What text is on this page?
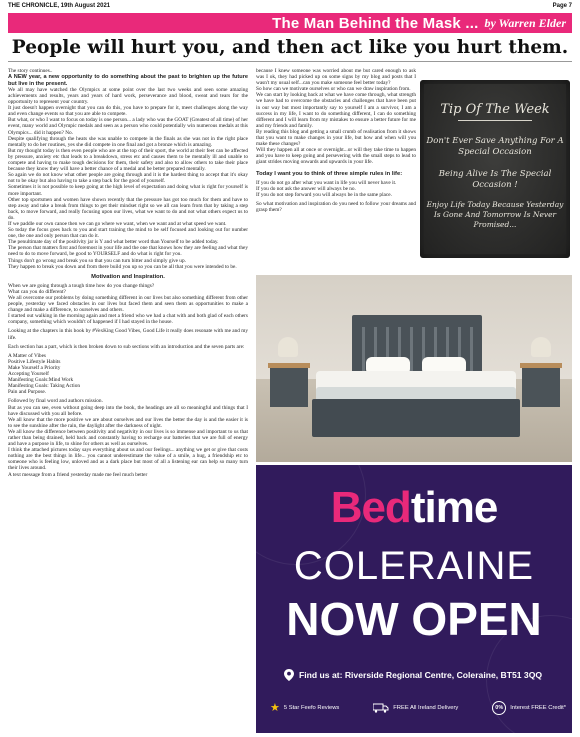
THE CHRONICLE, 19th August 2021	Page 7
The Man Behind the Mask ... by Warren Elder
People will hurt you, and then act like you hurt them.

The story continues..

A NEW year, a new opportunity to do something about the past to brighten up the future but live in the present.

We all may have watched the Olympics at some point over the last two weeks and seen some amazing achievements and results, years and years of hard work, perseverance and blood, sweat and tears for the opportunity to represent your country.

It just doesn't happen overnight that you can do this, you have to prepare for it, meet challenges along the way and even change events so that you are able to compete.

But what, or who I want to focus on today is one person... a lady who was the GOAT (Greatest of all time) of her event, many world and Olympic medals and seen as a person who could potentially win numerous medals at this Olympics... did it happen? No.

Despite qualifying through the heats she was unable to compete in the finals as she was not in the right place mentally to do her routines, yes she did compete in one final and got a bronze which is amazing.

But my thought today is then even people who are at the top of their sport, the world at their feet can be affected by pressure, anxiety etc that leads to a breakdown, stress etc and causes them to be mentally ill and unable to compete and having to make tough decisions for them, their safety and also to allow others to take their place because they know they will have a better chance of a medal and be better prepared mentally.

So again we do not know what other people are going through and it is the hardest thing to accept that it's okay not to be okay but also having to take a step back for the good of yourself.

Sometimes it is not possible to keep going at the high level of expectation and doing what is right for yourself is more important.

Other top sportsmen and women have shown recently that the pressure has got too much for them and have to step away and take a break from things to get their mindset right so we all can learn from that by taking a step back, to move forward, and really focusing upon our lives, what we want to do and not what others expect us to do.

If we paddle our own canoe then we can go where we want, when we want and at what speed we want.

So today the focus goes back to you and start training the mind to be self focused and looking out for number one, the one and only person that can do it.

The penultimate day of the positivity jar is Y and what better word than Yourself to be added today.

The person that matters first and foremost in your life and the one that knows how they are feeling and what they need to do to move forward, be good to YOURSELF and do what is right for you.

Things don't go wrong and break you so that you can turn bitter and simply give up.

They happen to break you down and from there build you up so you can be all that you were intended to be.

Motivation and Inspiration.

When we are going through a tough time how do you change things?

What can you do different?

We all overcome our problems by doing something different in our lives but also something different from other people, yesterday we faced obstacles in our lives but faced them and seen them as opportunities to make a change and make a difference, to ourselves and others.

I started out walking in the morning again and met a friend who we had a chat with and both glad of each others company, something which wouldn't of happened if I had stayed in the house.

Looking at the chapters in this book by #VexKing Good Vibes, Good Life it really does resonate with me and my life.

Each section has a part, which is then broken down to sub sections with an introduction and the seven parts are:

A Matter of Vibes
Positive Lifestyle Habits
Make Yourself a Priority
Accepting Yourself
Manifesting Goals:Mind Work
Manifesting Goals: Taking Action
Pain and Purpose.

Followed by final word and authors mission.

But as you can see, even without going deep into the book, the headings are all so meaningful and things that I have discussed with you all before.

We all know that the more positive we are about ourselves and our lives the better the day is and the easier it is to see the sunshine after the rain, the daylight after the darkness of night.

We all know the difference between positivity and negativity in our lives is so immense and important to us that rather than being drained, held back and constantly having to recharge our batteries that we are full of energy and have a purpose in life, to shine for others as well as ourselves.

I think the attached pictures today says everything about us and our feelings... anything we get or give that costs nothing are the best things in life... you cannot underestimate the value of a smile, a hug, a friendship etc to someone who is feeling low, unloved and as a dark place but most of all a listening ear can help so many turn their lives around.

A text message from a friend yesterday made me feel much better

because I knew someone was worried about me but cared enough to ask was I ok, they had picked up on some signs by my blog and posts that I wasn't my usual self...can you make someone feel better today?

So how can we motivate ourselves or who can we draw inspiration from.

We can start by looking back at what we have come through, what strength we have had to overcome the obstacles and challenges that have been put in our way but most importantly say to yourself I am a survivor, I am a success in my life, I want to do something different, I can do something different and I will learn from my mistakes to ensure a better future for me and my friends and family.

By reading this blog and getting a small crumb of realisation from it shows that you want to make changes in your life, but how and when will you make these changes?

Will they happen all at once or overnight...or will they take time to happen and you have to keep going and persevering with the small steps to lead to giant strides moving onwards and upwards in your life.

Today I want you to think of three simple rules in life:

If you do not go after what you want in life you will never have it.

If you do not ask the answer will always be no.

If you do not step forward you will always be in the same place.

So what motivation and inspiration do you need to follow your dreams and grasp them?

Tip Of The Week
Don't Ever Save Anything For A Special Occasion
Being Alive Is The Special Occasion !
Enjoy Life Today Because Yesterday Is Gone And Tomorrow Is Never Promised...
Bedtime
COLERAINE
NOW OPEN
Find us at: Riverside Regional Centre, Coleraine, BT51 3QQ
★ 5 Star Feefo Reviews	FREE All Ireland Delivery	0%	Interest FREE Credit*
